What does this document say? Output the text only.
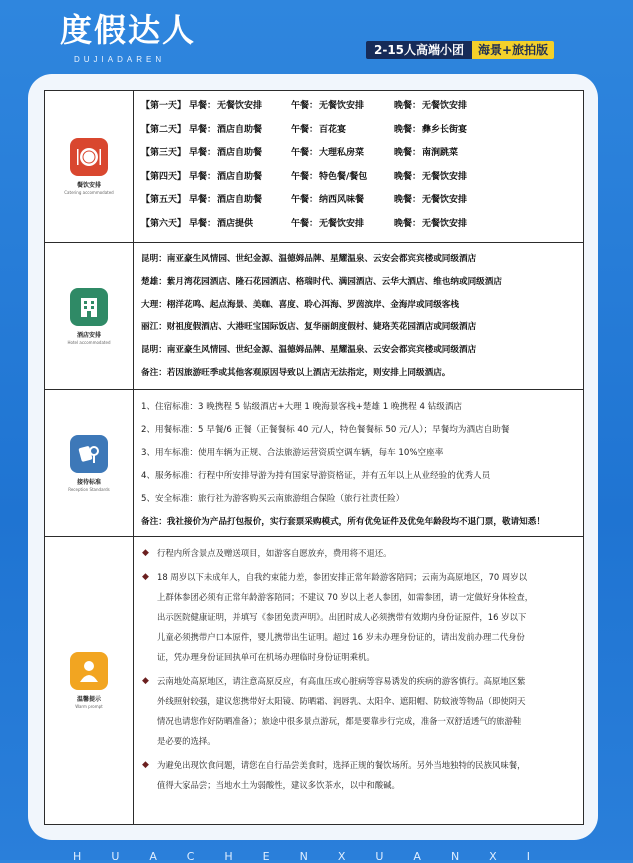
度假达人
DUJIADAREN
2-15人高端小团	海景+旅拍版
餐饮安排
Catering accommodated
【第一天】 早餐： 无餐饮安排	午餐： 无餐饮安排	晚餐： 无餐饮安排
【第二天】 早餐： 酒店自助餐	午餐： 百花宴	晚餐： 彝乡长街宴
【第三天】 早餐： 酒店自助餐	午餐： 大理私房菜	晚餐： 南涧跳菜
【第四天】 早餐： 酒店自助餐	午餐： 特色餐/餐包	晚餐： 无餐饮安排
【第五天】 早餐： 酒店自助餐	午餐： 纳西风味餐	晚餐： 无餐饮安排
【第六天】 早餐： 酒店提供	午餐： 无餐饮安排	晚餐： 无餐饮安排
酒店安排
Hotel accommodated
昆明：南亚豪生风情园、世纪金源、温德姆品牌、星耀温泉、云安会都宾宾楼或同级酒店
楚雄：紫月湾花园酒店、隆石花园酒店、格瑞时代、满园酒店、云华大酒店、维也纳或同级酒店
大理：栩洋花鸣、起点海景、美咖、喜度、聆心洱海、罗茵滨岸、金海岸或同级客栈
丽江：财祖度假酒店、大港旺宝国际饭店、复华丽朗度假村、婕珞芙花园酒店或同级酒店
昆明：南亚豪生风情园、世纪金源、温德姆品牌、星耀温泉、云安会都宾宾楼或同级酒店
备注：若因旅游旺季或其他客观原因导致以上酒店无法指定，则安排上同级酒店。
接待标准
Reception Standards
1、住宿标准：3 晚携程 5 钻级酒店+大理 1 晚海景客栈+楚雄 1 晚携程 4 钻级酒店
2、用餐标准：5 早餐/6 正餐（正餐餐标 40 元/人，特色餐餐标 50 元/人）；早餐均为酒店自助餐
3、用车标准：使用车辆为正规、合法旅游运营资质空调车辆，每车 10%空座率
4、服务标准：行程中所安排导游为持有国家导游资格证，并有五年以上从业经验的优秀人员
5、安全标准：旅行社为游客购买云南旅游组合保险（旅行社责任险）
备注：我社接价为产品打包报价，实行套票采购模式，所有优免证件及优免年龄段均不退门票，敬请知悉！
温馨提示
Warm prompt
◆ 行程内所含景点及赠送项目，如游客自愿放弃，费用将不退还。
◆ 18 周岁以下未成年人，自我约束能力差，参团安排正常年龄游客陪同；云南为高原地区，70 周岁以
上群体参团必须有正常年龄游客陪同；不建议 70 岁以上老人参团，如需参团，请一定做好身体检查，
出示医院健康证明，并填写《参团免责声明》。出团时成人必须携带有效期内身份证原件，16 岁以下
儿童必须携带户口本原件，婴儿携带出生证明。超过 16 岁未办理身份证的，请出发前办理二代身份
证，凭办理身份证回执单可在机场办理临时身份证明乘机。
◆ 云南地处高原地区，请注意高原反应，有高血压或心脏病等容易诱发的疾病的游客慎行。高原地区紫
外线照射较强，建议您携带好太阳镜、防晒霜、润唇乳、太阳伞、遮阳帽、防蚊液等物品（即使阴天
情况也请您作好防晒准备）；旅途中很多景点游玩，都是要靠步行完成，准备一双舒适透气的旅游鞋
是必要的选择。
◆ 为避免出现饮食问题，请您在自行品尝美食时，选择正规的餐饮场所。另外当地独特的民族风味餐，
值得大家品尝；当地水土为弱酸性，建议多饮茶水，以中和酸碱。
HUACHENXUANXI
